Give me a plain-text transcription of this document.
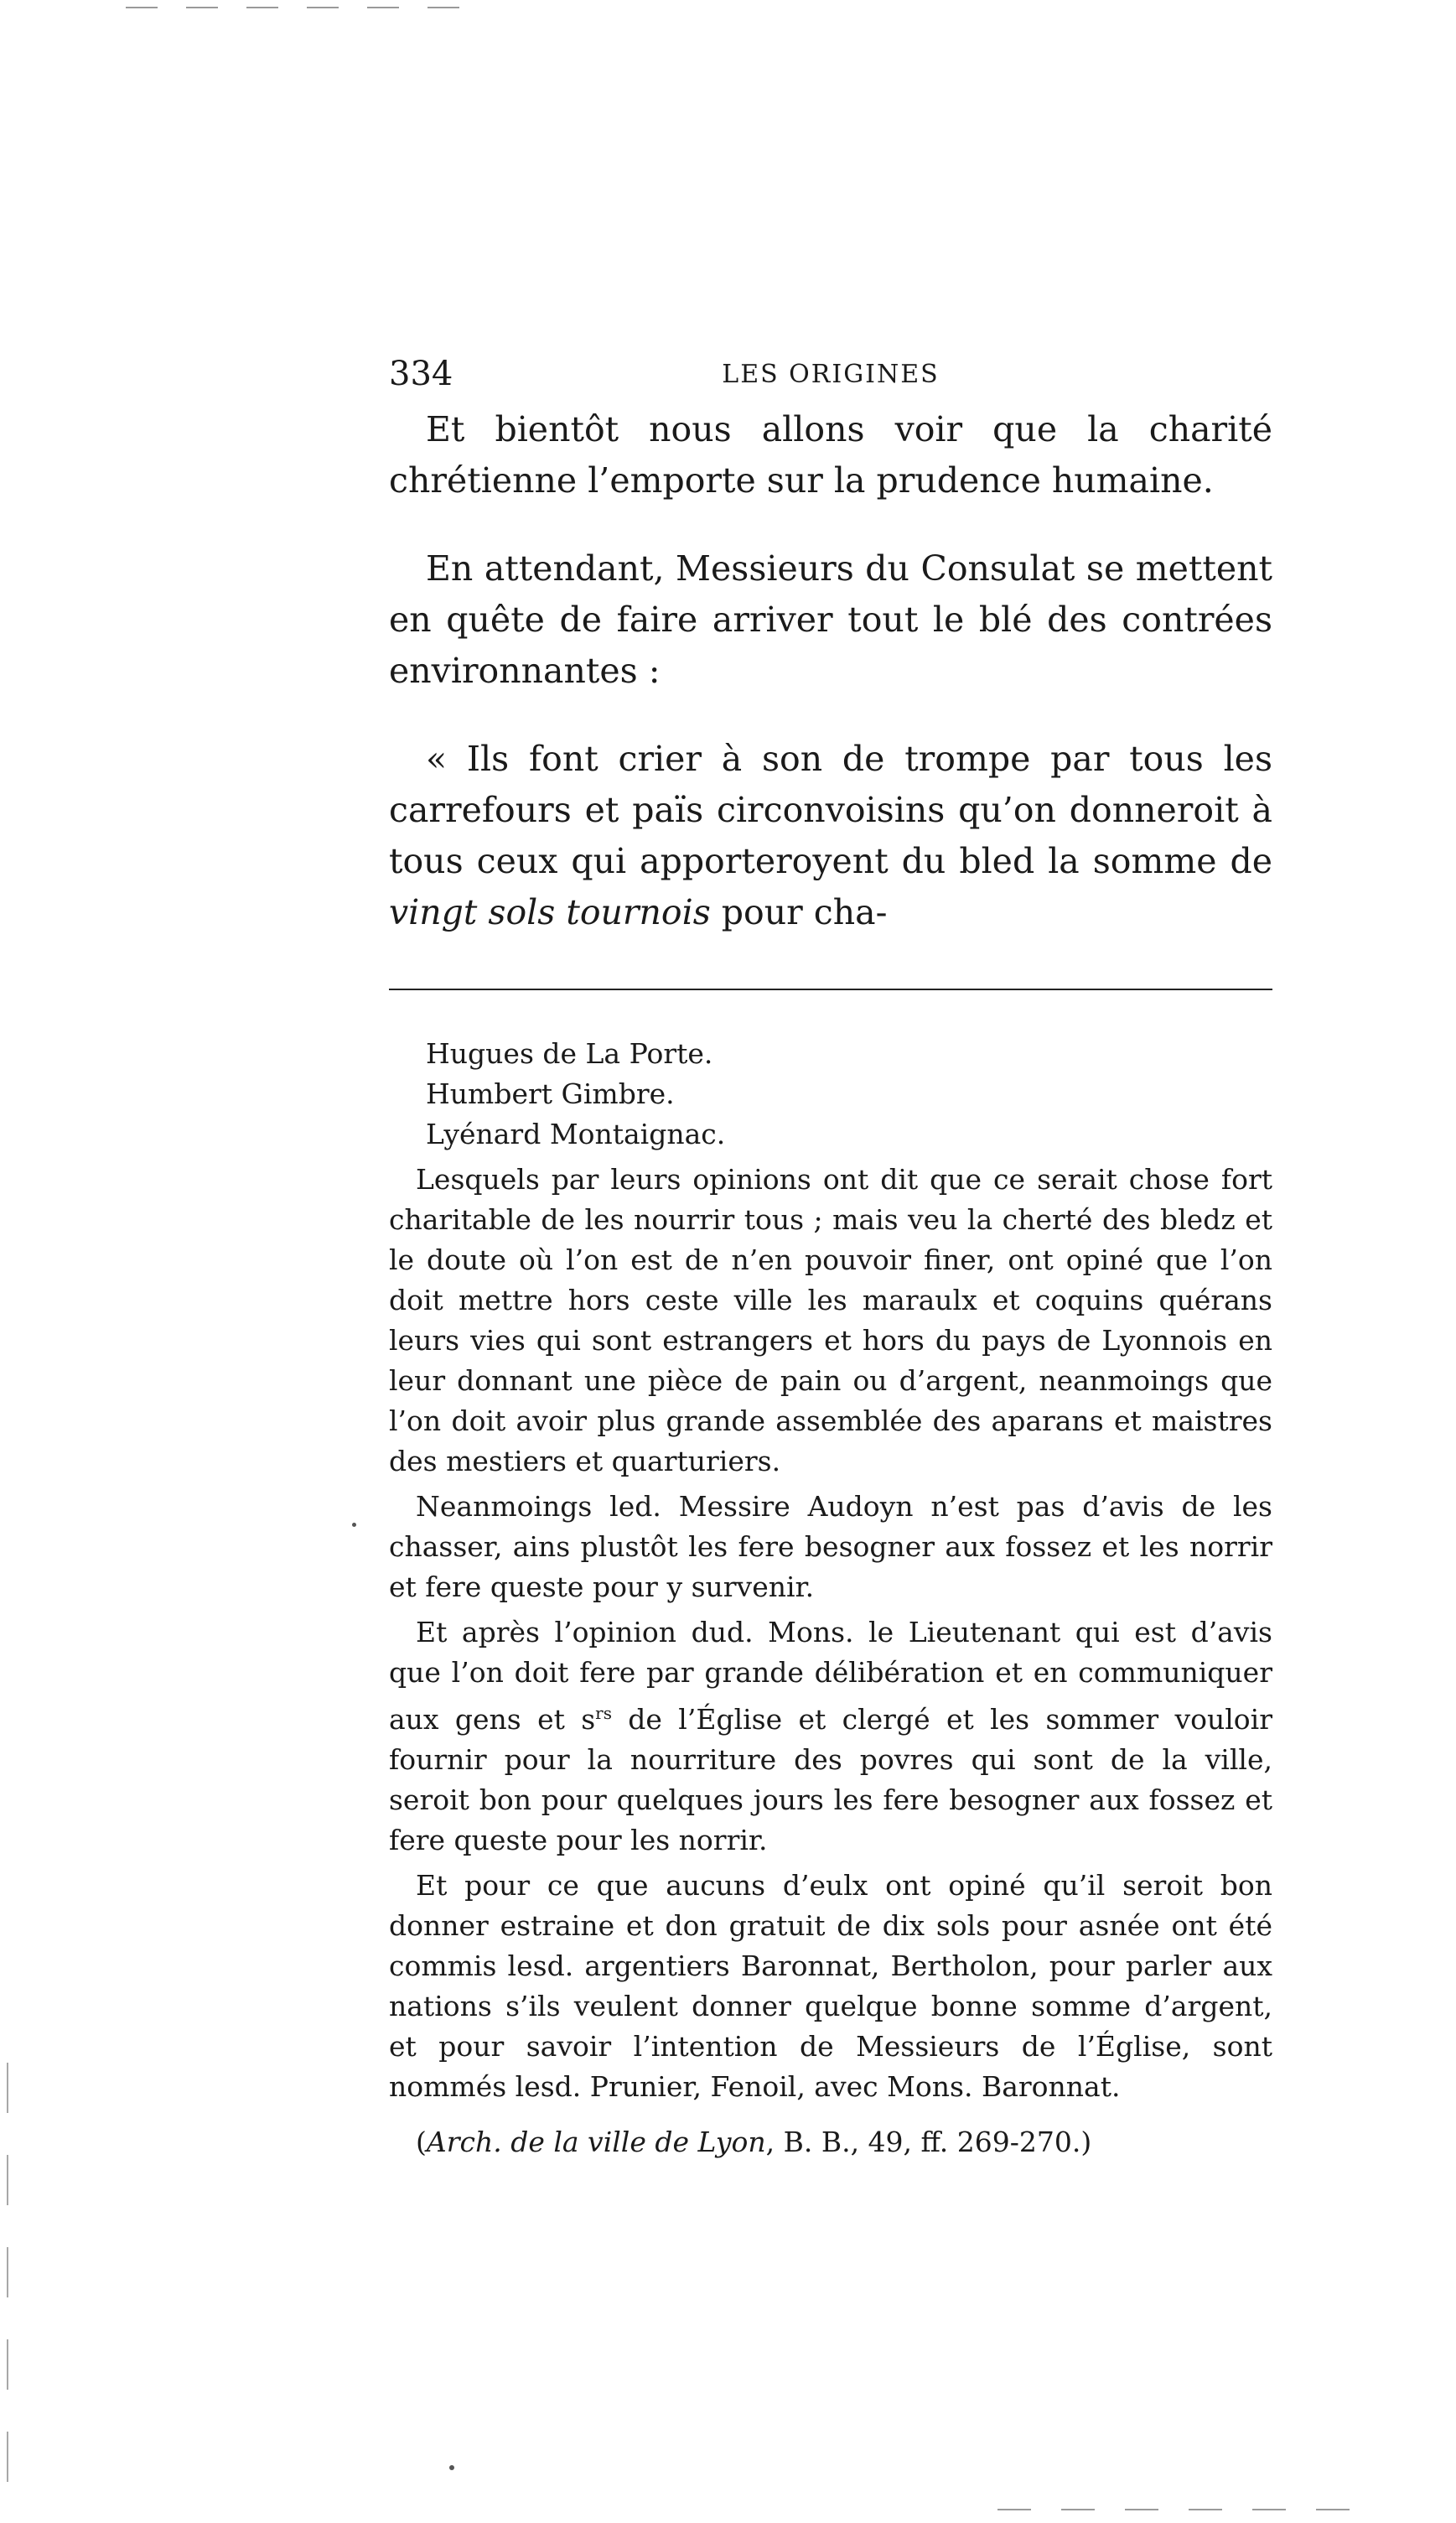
334	LES ORIGINES

Et bientôt nous allons voir que la charité chrétienne l’emporte sur la prudence humaine.

En attendant, Messieurs du Consulat se mettent en quête de faire arriver tout le blé des contrées environnantes :

« Ils font crier à son de trompe par tous les carrefours et païs circonvoisins qu’on donneroit à tous ceux qui apporteroyent du bled la somme de vingt sols tournois pour cha-

Hugues de La Porte.

Humbert Gimbre.

Lyénard Montaignac.

Lesquels par leurs opinions ont dit que ce serait chose fort charitable de les nourrir tous ; mais veu la cherté des bledz et le doute où l’on est de n’en pouvoir finer, ont opiné que l’on doit mettre hors ceste ville les maraulx et coquins quérans leurs vies qui sont estrangers et hors du pays de Lyonnois en leur donnant une pièce de pain ou d’argent, neanmoings que l’on doit avoir plus grande assemblée des aparans et maistres des mestiers et quarturiers.

Neanmoings led. Messire Audoyn n’est pas d’avis de les chasser, ains plustôt les fere besogner aux fossez et les norrir et fere queste pour y survenir.

Et après l’opinion dud. Mons. le Lieutenant qui est d’avis que l’on doit fere par grande délibération et en communiquer aux gens et $s^{rs}$ de l’Église et clergé et les sommer vouloir fournir pour la nourriture des povres qui sont de la ville, seroit bon pour quelques jours les fere besogner aux fossez et fere queste pour les norrir.

Et pour ce que aucuns d’eulx ont opiné qu’il seroit bon donner estraine et don gratuit de dix sols pour asnée ont été commis lesd. argentiers Baronnat, Bertholon, pour parler aux nations s’ils veulent donner quelque bonne somme d’argent, et pour savoir l’intention de Messieurs de l’Église, sont nommés lesd. Prunier, Fenoil, avec Mons. Baronnat.

(Arch. de la ville de Lyon, B. B., 49, ff. 269-270.)
